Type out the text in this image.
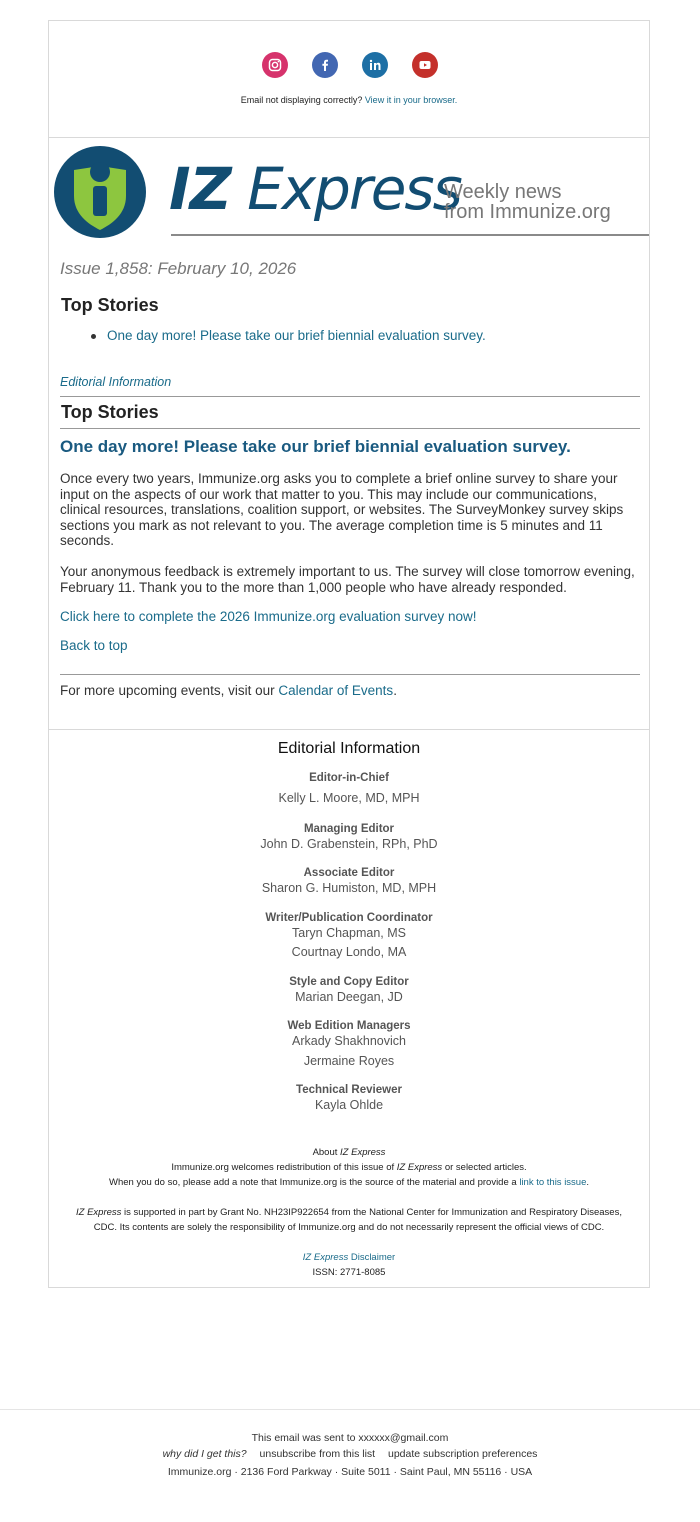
Email not displaying correctly? View it in your browser.
IZ Express
Weekly news
from Immunize.org
Issue 1,858: February 10, 2026
Top Stories
One day more! Please take our brief biennial evaluation survey.
Editorial Information
Top Stories
One day more! Please take our brief biennial evaluation survey.
Once every two years, Immunize.org asks you to complete a brief online survey to share your input on the aspects of our work that matter to you. This may include our communications, clinical resources, translations, coalition support, or websites. The SurveyMonkey survey skips sections you mark as not relevant to you. The average completion time is 5 minutes and 11 seconds.
Your anonymous feedback is extremely important to us. The survey will close tomorrow evening, February 11. Thank you to the more than 1,000 people who have already responded.
Click here to complete the 2026 Immunize.org evaluation survey now!
Back to top
For more upcoming events, visit our Calendar of Events.
Editorial Information
Editor-in-Chief
Kelly L. Moore, MD, MPH
Managing Editor
John D. Grabenstein, RPh, PhD
Associate Editor
Sharon G. Humiston, MD, MPH
Writer/Publication Coordinator
Taryn Chapman, MS
Courtnay Londo, MA
Style and Copy Editor
Marian Deegan, JD
Web Edition Managers
Arkady Shakhnovich
Jermaine Royes
Technical Reviewer
Kayla Ohlde
About IZ Express
Immunize.org welcomes redistribution of this issue of IZ Express or selected articles.
When you do so, please add a note that Immunize.org is the source of the material and provide a link to this issue.
IZ Express is supported in part by Grant No. NH23IP922654 from the National Center for Immunization and Respiratory Diseases,
CDC. Its contents are solely the responsibility of Immunize.org and do not necessarily represent the official views of CDC.
IZ Express Disclaimer
ISSN: 2771-8085
This email was sent to xxxxxx@gmail.com
why did I get this? unsubscribe from this list update subscription preferences
Immunize.org · 2136 Ford Parkway · Suite 5011 · Saint Paul, MN 55116 · USA
